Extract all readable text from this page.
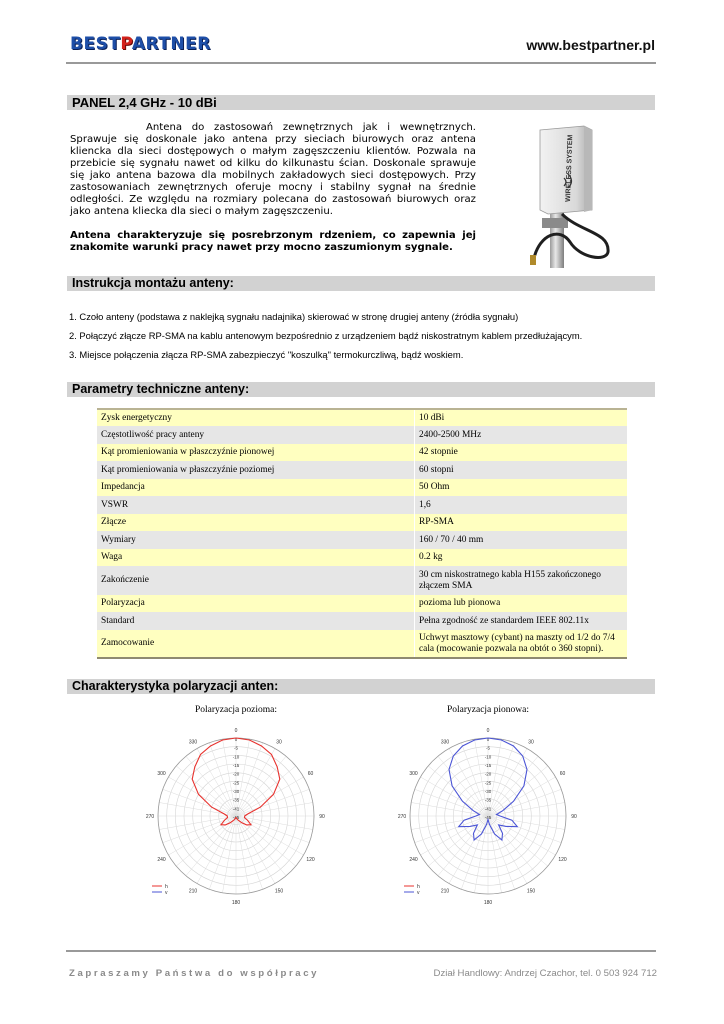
BESTPARTNER	www.bestpartner.pl
PANEL 2,4 GHz - 10 dBi

Antena do zastosowań zewnętrznych jak i wewnętrznych. Sprawuje się doskonale jako antena przy sieciach biurowych oraz antena kliencka dla sieci dostępowych o małym zagęszczeniu klientów. Pozwala na przebicie się sygnału nawet od kilku do kilkunastu ścian. Doskonale sprawuje się jako antena bazowa dla mobilnych zakładowych sieci dostępowych. Przy zastosowaniach zewnętrznych oferuje mocny i stabilny sygnał na średnie odległości. Ze względu na rozmiary polecana do zastosowań biurowych oraz jako antena kliecka dla sieci o małym zagęszczeniu.

Antena charakteryzuje się posrebrzonym rdzeniem, co zapewnia jej znakomite warunki pracy nawet przy mocno zaszumionym sygnale.
WIRELESS SYSTEM
Instrukcja montażu anteny:
1. Czoło anteny (podstawa z naklejką sygnału nadajnika) skierować w stronę drugiej anteny (źródła sygnału)
2. Połączyć złącze RP-SMA na kablu antenowym bezpośrednio z urządzeniem bądź niskostratnym kablem przedłużającym.
3. Miejsce połączenia złącza RP-SMA zabezpieczyć "koszulką" termokurczliwą, bądź woskiem.
Parametry techniczne anteny:
Zysk energetyczny	10 dBi
Częstotliwość pracy anteny	2400-2500 MHz
Kąt promieniowania w płaszczyźnie pionowej	42 stopnie
Kąt promieniowania w płaszczyźnie poziomej	60 stopni
Impedancja	50 Ohm
VSWR	1,6
Złącze	RP-SMA
Wymiary	160 / 70 / 40 mm
Waga	0.2 kg
Zakończenie	30 cm niskostratnego kabla H155 zakończonego złączem SMA
Polaryzacja	pozioma lub pionowa
Standard	Pełna zgodność ze standardem IEEE 802.11x
Zamocowanie	Uchwyt masztowy (cybant) na maszty od 1/2 do 7/4 cala (mocowanie pozwala na obtót o 360 stopni).
Charakterystyka polaryzacji anten:
Polaryzacja pozioma:	Polaryzacja pionowa:
0
30
60
90
120
150
180
210
240
270
300
330	0
-5
-10
-15
-20
-25
-30
-35
-41
-45
h
v
0
30
60
90
120
150
180
210
240
270
300
330	0
-5
-10
-15
-20
-25
-30
-35
-41
-45
h
v
Zapraszamy Państwa do współpracy	Dział Handlowy: Andrzej Czachor, tel. 0 503 924 712
